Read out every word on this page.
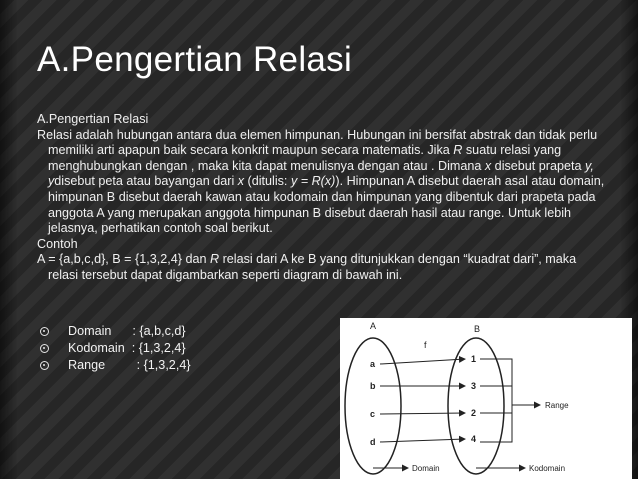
A.Pengertian Relasi

A.Pengertian Relasi

Relasi adalah hubungan antara dua elemen himpunan. Hubungan ini bersifat abstrak dan tidak perlu memiliki arti apapun baik secara konkrit maupun secara matematis. Jika R suatu relasi yang menghubungkan dengan , maka kita dapat menulisnya dengan atau . Dimana x disebut prapeta y, ydisebut peta atau bayangan dari x (ditulis: y = R(x)). Himpunan A disebut daerah asal atau domain, himpunan B disebut daerah kawan atau kodomain dan himpunan yang dibentuk dari prapeta pada anggota A yang merupakan anggota himpunan B disebut daerah hasil atau range. Untuk lebih jelasnya, perhatikan contoh soal berikut.

Contoh

A = {a,b,c,d}, B = {1,3,2,4} dan R relasi dari A ke B yang ditunjukkan dengan “kuadrat dari”, maka relasi tersebut dapat digambarkan seperti diagram di bawah ini.

Domain      : {a,b,c,d}
Kodomain  : {1,3,2,4}
Range         : {1,3,2,4}
A	B
f
a
b
c
d
1
3
2
4
Range
Domain	Kodomain
